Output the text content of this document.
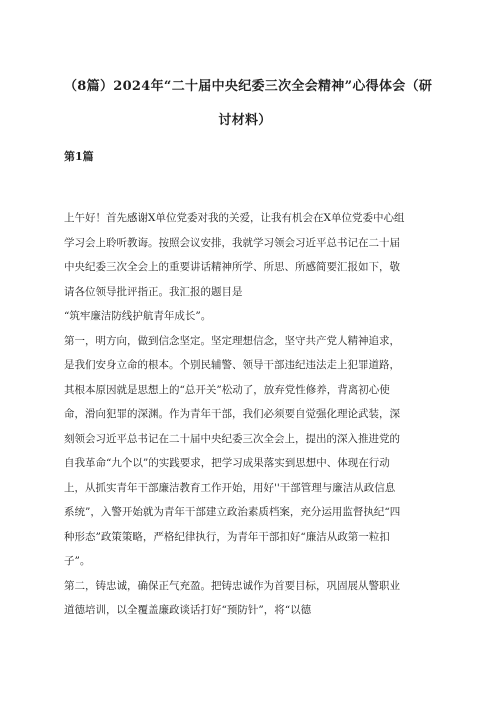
（8篇）2024年“二十届中央纪委三次全会精神”心得体会（研
讨材料）
第1篇
上午好！首先感谢X单位党委对我的关爱，让我有机会在X单位党委中心组
学习会上聆听教诲。按照会议安排，我就学习领会习近平总书记在二十届
中央纪委三次全会上的重要讲话精神所学、所思、所感简要汇报如下，敬
请各位领导批评指正。我汇报的题目是
“筑牢廉洁防线护航青年成长”。
第一，明方向，做到信念坚定。坚定理想信念，坚守共产党人精神追求，
是我们安身立命的根本。个别民辅警、领导干部违纪违法走上犯罪道路，
其根本原因就是思想上的“总开关”松动了，放弃党性修养，背离初心使
命，滑向犯罪的深渊。作为青年干部，我们必须要自觉强化理论武装，深
刻领会习近平总书记在二十届中央纪委三次全会上，提出的深入推进党的
自我革命“九个以”的实践要求，把学习成果落实到思想中、体现在行动
上，从抓实青年干部廉洁教育工作开始，用好''干部管理与廉洁从政信息
系统”，入警开始就为青年干部建立政治素质档案，充分运用监督执纪“四
种形态”政策策略，严格纪律执行，为青年干部扣好“廉洁从政第一粒扣
子”。
第二，铸忠诚，确保正气充盈。把铸忠诚作为首要目标，巩固展从警职业
道德培训，以全覆盖廉政谈话打好“预防针”，将“以德
